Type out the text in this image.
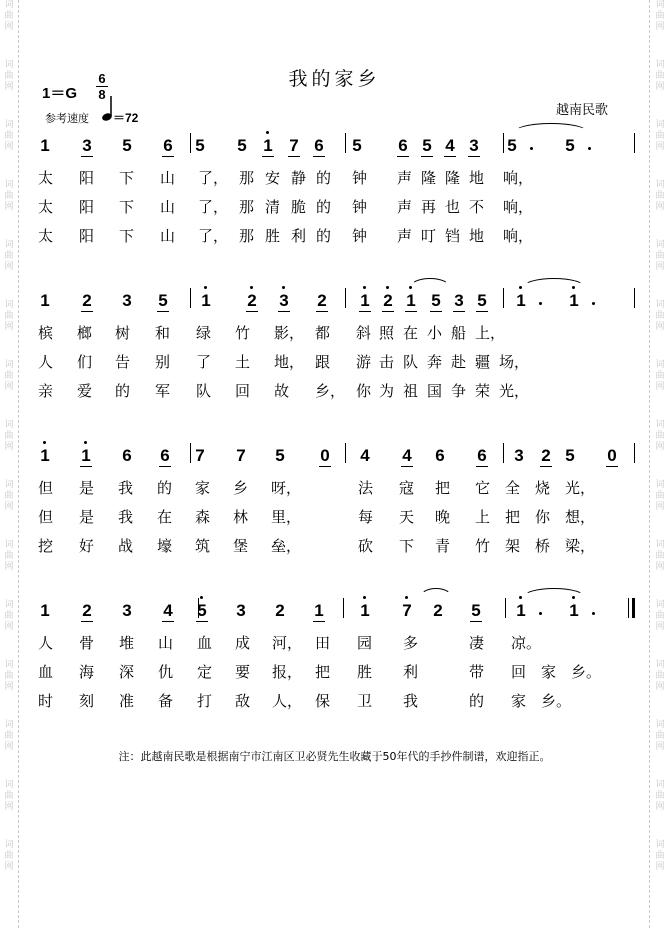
词
曲
网
词
曲
网
词
曲
网
词
曲
网
词
曲
网
词
曲
网
词
曲
网
词
曲
网
词
曲
网
词
曲
网
词
曲
网
词
曲
网
词
曲
网
词
曲
网
词
曲
网
词
曲
网
词
曲
网
词
曲
网
词
曲
网
词
曲
网
词
曲
网
词
曲
网
词
曲
网
词
曲
网
词
曲
网
词
曲
网
词
曲
网
词
曲
网
词
曲
网
词
曲
网
我的家乡
1＝G
6
8
参考速度 ＝72	越南民歌
1 3 5 6 5 5 1 7 6 5 6 5 4 3 5	5
太 阳 下 山 了， 那 安 静 的 钟 声 隆 隆 地 响，
太 阳 下 山 了， 那 清 脆 的 钟 声 再 也 不 响，
太 阳 下 山 了， 那 胜 利 的 钟 声 叮 铛 地 响，
1 2 3 5 1 2 3 2 1 2 1 5 3 5 1	1
槟 榔 树 和 绿 竹 影， 都 斜 照 在 小 船 上，
人 们 告 别 了 土 地， 跟 游 击 队 奔 赴 疆 场，
亲 爱 的 军 队 回 故 乡， 你 为 祖 国 争 荣 光，
1 1 6 6 7 7 5 0 4 4 6 6 3 2 5 0
但 是 我 的 家 乡 呀，	法 寇 把 它 全 烧 光，
但 是 我 在 森 林 里，	每 天 晚 上 把 你 想，
挖 好 战 壕 筑 堡 垒，	砍 下 青 竹 架 桥 梁，
1 2 3 4 5 3 2 1 1 7 2 5 1	1
人 骨 堆 山 血 成 河， 田 园 多	凄 凉。
血 海 深 仇 定 要 报， 把 胜 利	带 回 家 乡。
时 刻 准 备 打 敌 人， 保 卫 我	的 家 乡。
注：此越南民歌是根据南宁市江南区卫必贤先生收藏于50年代的手抄件制谱，欢迎指正。
